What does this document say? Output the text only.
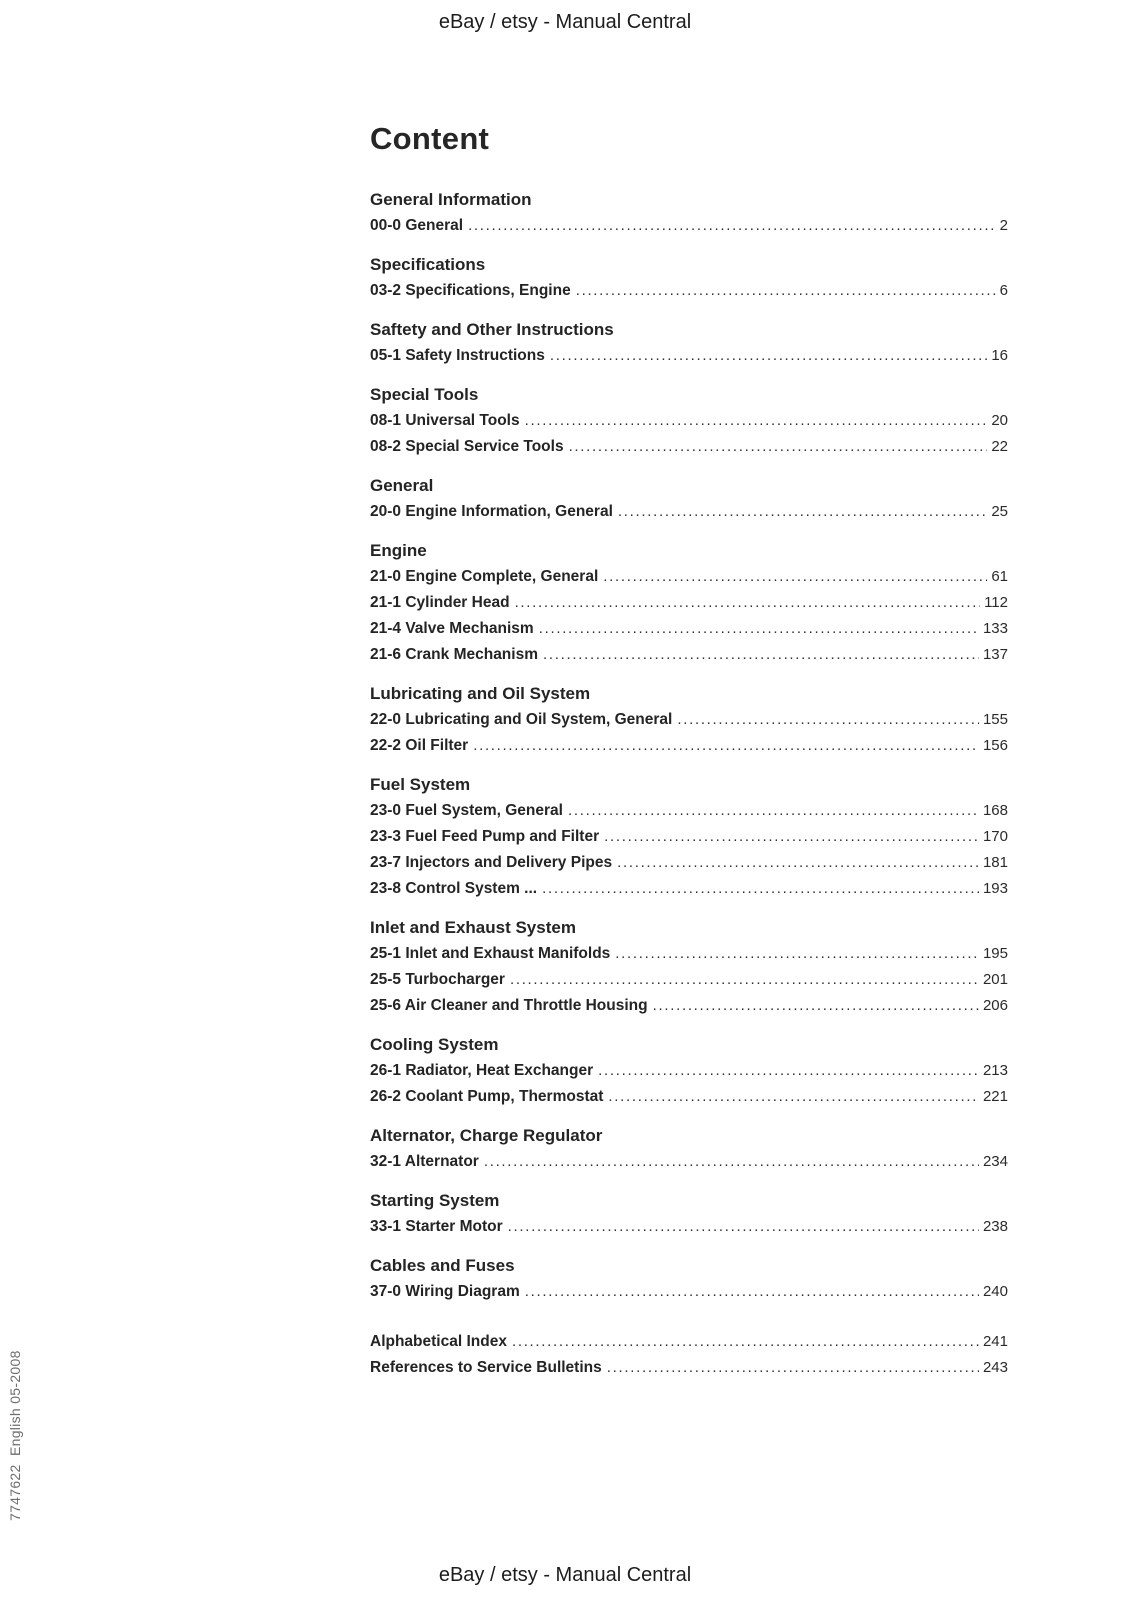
eBay / etsy - Manual Central
Content
General Information
00-0 General .....	2
Specifications
03-2 Specifications, Engine .....	6
Saftety and Other Instructions
05-1 Safety Instructions .....	16
Special Tools
08-1 Universal Tools .....	20
08-2 Special Service Tools .....	22
General
20-0 Engine Information, General .....	25
Engine
21-0 Engine Complete, General .....	61
21-1 Cylinder Head .....	112
21-4 Valve Mechanism .....	133
21-6 Crank Mechanism .....	137
Lubricating and Oil System
22-0 Lubricating and Oil System, General .....	155
22-2 Oil Filter .....	156
Fuel System
23-0 Fuel System, General .....	168
23-3 Fuel Feed Pump and Filter .....	170
23-7 Injectors and Delivery Pipes .....	181
23-8 Control System ... .....	193
Inlet and Exhaust System
25-1 Inlet and Exhaust Manifolds .....	195
25-5 Turbocharger .....	201
25-6 Air Cleaner and Throttle Housing .....	206
Cooling System
26-1 Radiator, Heat Exchanger .....	213
26-2 Coolant Pump, Thermostat .....	221
Alternator, Charge Regulator
32-1 Alternator .....	234
Starting System
33-1 Starter Motor .....	238
Cables and Fuses
37-0 Wiring Diagram .....	240
Alphabetical Index .....	241
References to Service Bulletins .....	243
7747622  English 05-2008
eBay / etsy - Manual Central
